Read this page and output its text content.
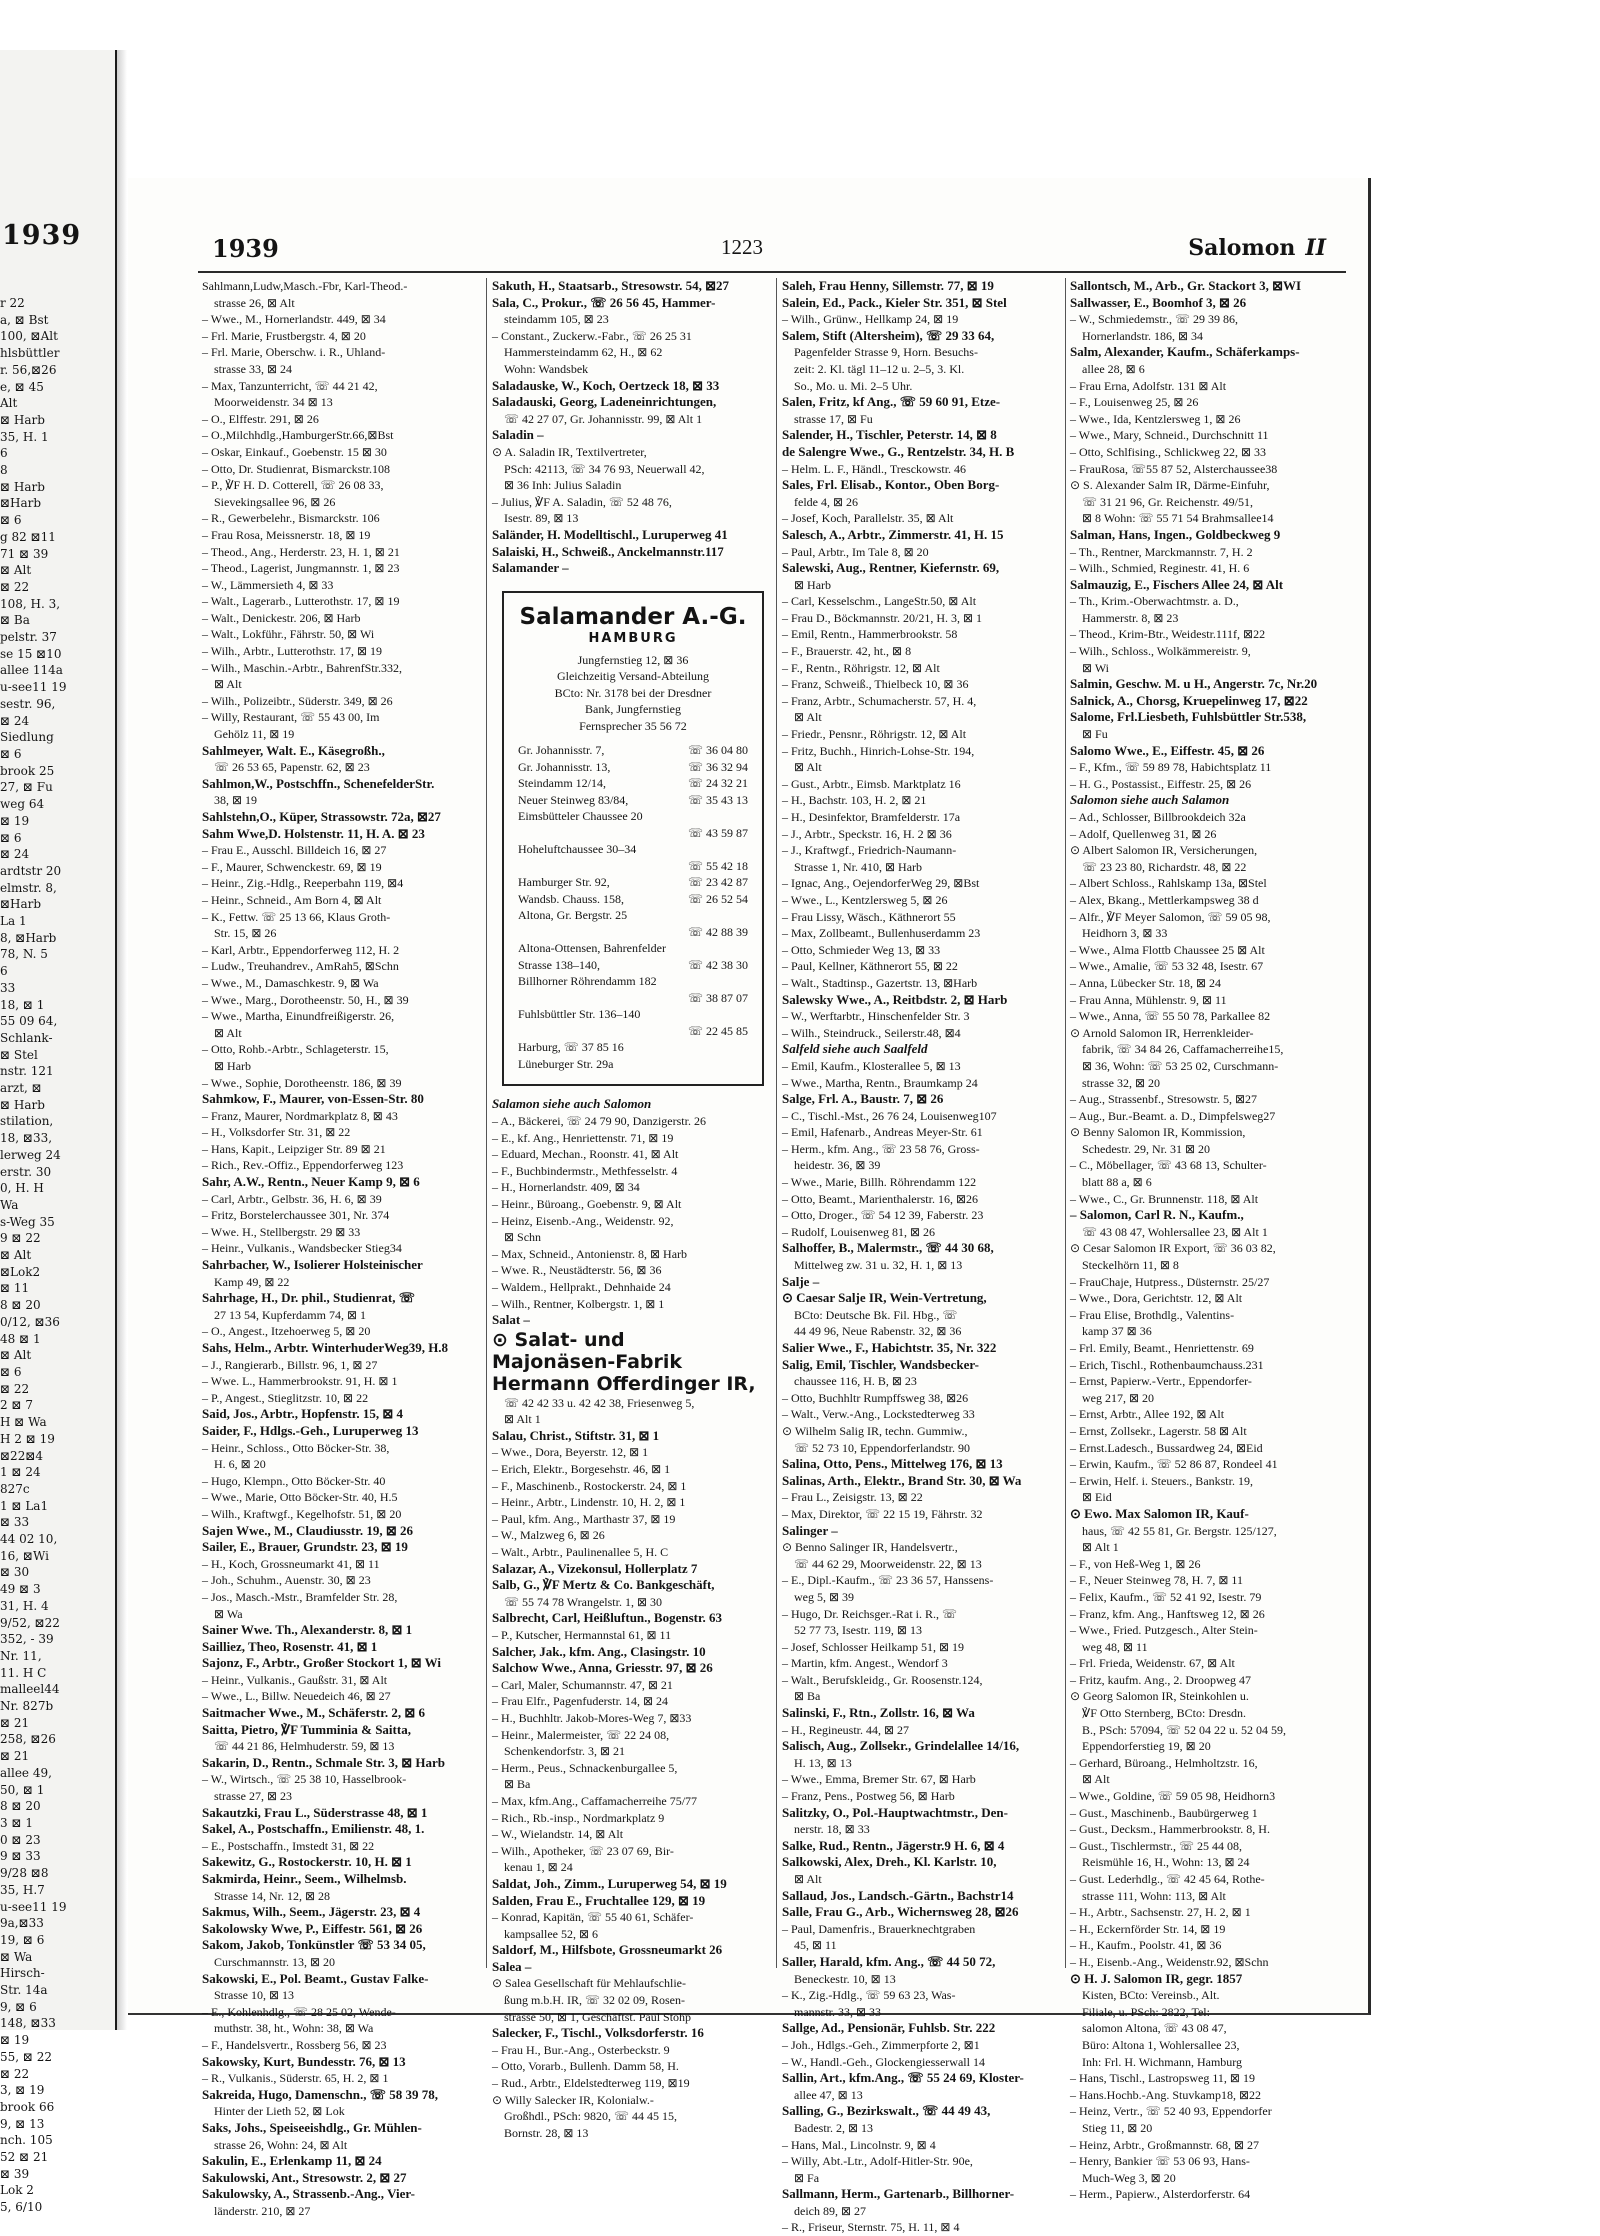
1939
r 22
a, ⊠ Bst
100, ⊠Alt
hlsbüttler
r. 56,⊠26
e, ⊠ 45
Alt
⊠ Harb
35, H. 1
6
8
⊠ Harb
⊠Harb
⊠ 6
g 82 ⊠11
71 ⊠ 39
⊠ Alt
⊠ 22
108, H. 3,
⊠ Ba
pelstr. 37
se 15 ⊠10
allee 114a
u-see11 19
sestr. 96,
⊠ 24
Siedlung
⊠ 6
brook 25
27, ⊠ Fu
weg 64
⊠ 19
⊠ 6
⊠ 24
ardtstr 20
elmstr. 8,
⊠Harb
La 1
8, ⊠Harb
78, N. 5
6
33
18, ⊠ 1
55 09 64,
Schlank-
⊠ Stel
nstr. 121
arzt, ⊠
⊠ Harb
stilation,
18, ⊠33,
lerweg 24
erstr. 30
0, H. H
Wa
s-Weg 35
9 ⊠ 22
⊠ Alt
⊠Lok2
⊠ 11
8 ⊠ 20
0/12, ⊠36
48 ⊠ 1
⊠ Alt
⊠ 6
⊠ 22
2 ⊠ 7
H ⊠ Wa
H 2 ⊠ 19
⊠22⊠4
1 ⊠ 24
827c
1 ⊠ La1
⊠ 33
44 02 10,
16, ⊠Wi
⊠ 30
49 ⊠ 3
31, H. 4
9/52, ⊠22
352, - 39
Nr. 11,
11. H C
malleel44
Nr. 827b
⊠ 21
258, ⊠26
⊠ 21
allee 49,
50, ⊠ 1
8 ⊠ 20
3 ⊠ 1
0 ⊠ 23
9 ⊠ 33
9/28 ⊠8
35, H.7
u-see11 19
9a,⊠33
19, ⊠ 6
⊠ Wa
Hirsch-
Str. 14a
9, ⊠ 6
148, ⊠33
⊠ 19
55, ⊠ 22
⊠ 22
3, ⊠ 19
brook 66
9, ⊠ 13
nch. 105
52 ⊠ 21
⊠ 39
Lok 2
5, 6/10
1939	1223	Salomon II
Sahlmann,Ludw,Masch.-Fbr, Karl-Theod.-
strasse 26, ⊠ Alt
– Wwe., M., Hornerlandstr. 449, ⊠ 34
– Frl. Marie, Frustbergstr. 4, ⊠ 20
– Frl. Marie, Oberschw. i. R., Uhland-
strasse 33, ⊠ 24
– Max, Tanzunterricht, ☏ 44 21 42,
Moorweidenstr. 34 ⊠ 13
– O., Elffestr. 291, ⊠ 26
– O.,Milchhdlg.,HamburgerStr.66,⊠Bst
– Oskar, Einkauf., Goebenstr. 15 ⊠ 30
– Otto, Dr. Studienrat, Bismarckstr.108
– P., ℣F H. D. Cotterell, ☏ 26 08 33,
Sievekingsallee 96, ⊠ 26
– R., Gewerbelehr., Bismarckstr. 106
– Frau Rosa, Meissnerstr. 18, ⊠ 19
– Theod., Ang., Herderstr. 23, H. 1, ⊠ 21
– Theod., Lagerist, Jungmannstr. 1, ⊠ 23
– W., Lämmersieth 4, ⊠ 33
– Walt., Lagerarb., Lutterothstr. 17, ⊠ 19
– Walt., Denickestr. 206, ⊠ Harb
– Walt., Lokführ., Fährstr. 50, ⊠ Wi
– Wilh., Arbtr., Lutterothstr. 17, ⊠ 19
– Wilh., Maschin.-Arbtr., BahrenfStr.332,
⊠ Alt
– Wilh., Polizeibtr., Süderstr. 349, ⊠ 26
– Willy, Restaurant, ☏ 55 43 00, Im
Gehölz 11, ⊠ 19
Sahlmeyer, Walt. E., Käsegroßh.,
☏ 26 53 65, Papenstr. 62, ⊠ 23
Sahlmon,W., Postschffn., SchenefelderStr.
38, ⊠ 19
Sahlstehn,O., Küper, Strassowstr. 72a, ⊠27
Sahm Wwe,D. Holstenstr. 11, H. A. ⊠ 23
– Frau E., Ausschl. Billdeich 16, ⊠ 27
– F., Maurer, Schwenckestr. 69, ⊠ 19
– Heinr., Zig.-Hdlg., Reeperbahn 119, ⊠4
– Heinr., Schneid., Am Born 4, ⊠ Alt
– K., Fettw. ☏ 25 13 66, Klaus Groth-
Str. 15, ⊠ 26
– Karl, Arbtr., Eppendorferweg 112, H. 2
– Ludw., Treuhandrev., AmRah5, ⊠Schn
– Wwe., M., Damaschkestr. 9, ⊠ Wa
– Wwe., Marg., Dorotheenstr. 50, H., ⊠ 39
– Wwe., Martha, Einundfreißigerstr. 26,
⊠ Alt
– Otto, Rohb.-Arbtr., Schlageterstr. 15,
⊠ Harb
– Wwe., Sophie, Dorotheenstr. 186, ⊠ 39
Sahmkow, F., Maurer, von-Essen-Str. 80
– Franz, Maurer, Nordmarkplatz 8, ⊠ 43
– H., Volksdorfer Str. 31, ⊠ 22
– Hans, Kapit., Leipziger Str. 89 ⊠ 21
– Rich., Rev.-Offiz., Eppendorferweg 123
Sahr, A.W., Rentn., Neuer Kamp 9, ⊠ 6
– Carl, Arbtr., Gelbstr. 36, H. 6, ⊠ 39
– Fritz, Borstelerchaussee 301, Nr. 374
– Wwe. H., Stellbergstr. 29 ⊠ 33
– Heinr., Vulkanis., Wandsbecker Stieg34
Sahrbacher, W., Isolierer Holsteinischer
Kamp 49, ⊠ 22
Sahrhage, H., Dr. phil., Studienrat, ☏
27 13 54, Kupferdamm 74, ⊠ 1
– O., Angest., Itzehoerweg 5, ⊠ 20
Sahs, Helm., Arbtr. WinterhuderWeg39, H.8
– J., Rangierarb., Billstr. 96, 1, ⊠ 27
– Wwe. L., Hammerbrookstr. 91, H. ⊠ 1
– P., Angest., Stieglitzstr. 10, ⊠ 22
Said, Jos., Arbtr., Hopfenstr. 15, ⊠ 4
Saider, F., Hdlgs.-Geh., Luruperweg 13
– Heinr., Schloss., Otto Böcker-Str. 38,
H. 6, ⊠ 20
– Hugo, Klempn., Otto Böcker-Str. 40
– Wwe., Marie, Otto Böcker-Str. 40, H.5
– Wilh., Kraftwgf., Kegelhofstr. 51, ⊠ 20
Sajen Wwe., M., Claudiusstr. 19, ⊠ 26
Sailer, E., Brauer, Grundstr. 23, ⊠ 19
– H., Koch, Grossneumarkt 41, ⊠ 11
– Joh., Schuhm., Auenstr. 30, ⊠ 23
– Jos., Masch.-Mstr., Bramfelder Str. 28,
⊠ Wa
Sainer Wwe. Th., Alexanderstr. 8, ⊠ 1
Sailliez, Theo, Rosenstr. 41, ⊠ 1
Sajonz, F., Arbtr., Großer Stockort 1, ⊠ Wi
– Heinr., Vulkanis., Gaußstr. 31, ⊠ Alt
– Wwe., L., Billw. Neuedeich 46, ⊠ 27
Saitmacher Wwe., M., Schäferstr. 2, ⊠ 6
Saitta, Pietro, ℣F Tumminia & Saitta,
☏ 44 21 86, Helmhuderstr. 59, ⊠ 13
Sakarin, D., Rentn., Schmale Str. 3, ⊠ Harb
– W., Wirtsch., ☏ 25 38 10, Hasselbrook-
strasse 27, ⊠ 23
Sakautzki, Frau L., Süderstrasse 48, ⊠ 1
Sakel, A., Postschaffn., Emilienstr. 48, 1.
– E., Postschaffn., Imstedt 31, ⊠ 22
Sakewitz, G., Rostockerstr. 10, H. ⊠ 1
Sakmirda, Heinr., Seem., Wilhelmsb.
Strasse 14, Nr. 12, ⊠ 28
Sakmus, Wilh., Seem., Jägerstr. 23, ⊠ 4
Sakolowsky Wwe, P., Eiffestr. 561, ⊠ 26
Sakom, Jakob, Tonkünstler ☏ 53 34 05,
Curschmannstr. 13, ⊠ 20
Sakowski, E., Pol. Beamt., Gustav Falke-
Strasse 10, ⊠ 13
– E., Kohlenhdlg., ☏ 28 25 02, Wende-
muthstr. 38, ht., Wohn: 38, ⊠ Wa
– F., Handelsvertr., Rossberg 56, ⊠ 23
Sakowsky, Kurt, Bundesstr. 76, ⊠ 13
– R., Vulkanis., Süderstr. 65, H. 2, ⊠ 1
Sakreida, Hugo, Damenschn., ☏ 58 39 78,
Hinter der Lieth 52, ⊠ Lok
Saks, Johs., Speiseeishdlg., Gr. Mühlen-
strasse 26, Wohn: 24, ⊠ Alt
Sakulin, E., Erlenkamp 11, ⊠ 24
Sakulowski, Ant., Stresowstr. 2, ⊠ 27
Sakulowsky, A., Strassenb.-Ang., Vier-
länderstr. 210, ⊠ 27
Sakuth, H., Staatsarb., Stresowstr. 54, ⊠27
Sala, C., Prokur., ☏ 26 56 45, Hammer-
steindamm 105, ⊠ 23
– Constant., Zuckerw.-Fabr., ☏ 26 25 31
Hammersteindamm 62, H., ⊠ 62
Wohn: Wandsbek
Saladauske, W., Koch, Oertzeck 18, ⊠ 33
Saladauski, Georg, Ladeneinrichtungen,
☏ 42 27 07, Gr. Johannisstr. 99, ⊠ Alt 1
Saladin –
⊙ A. Saladin IR, Textilvertreter,
PSch: 42113, ☏ 34 76 93, Neuerwall 42,
⊠ 36 Inh: Julius Saladin
– Julius, ℣F A. Saladin, ☏ 52 48 76,
Isestr. 89, ⊠ 13
Saländer, H. Modelltischl., Luruperweg 41
Salaiski, H., Schweiß., Anckelmannstr.117
Salamander –
Salamander A.-G.
HAMBURG
Jungfernstieg 12, ⊠ 36
Gleichzeitig Versand-Abteilung
BCto: Nr. 3178 bei der Dresdner
Bank, Jungfernstieg
Fernsprecher 35 56 72
Gr. Johannisstr. 7,	☏ 36 04 80
Gr. Johannisstr. 13,	☏ 36 32 94
Steindamm 12/14,	☏ 24 32 21
Neuer Steinweg 83/84,	☏ 35 43 13
Eimsbütteler Chaussee 20
☏ 43 59 87
Hoheluftchaussee 30–34
☏ 55 42 18
Hamburger Str. 92,	☏ 23 42 87
Wandsb. Chauss. 158,	☏ 26 52 54
Altona, Gr. Bergstr. 25
☏ 42 88 39
Altona-Ottensen, Bahrenfelder
Strasse 138–140,	☏ 42 38 30
Billhorner Röhrendamm 182
☏ 38 87 07
Fuhlsbüttler Str. 136–140
☏ 22 45 85
Harburg, ☏ 37 85 16
Lüneburger Str. 29a
Salamon siehe auch Salomon
– A., Bäckerei, ☏ 24 79 90, Danzigerstr. 26
– E., kf. Ang., Henriettenstr. 71, ⊠ 19
– Eduard, Mechan., Roonstr. 41, ⊠ Alt
– F., Buchbindermstr., Methfesselstr. 4
– H., Hornerlandstr. 409, ⊠ 34
– Heinr., Büroang., Goebenstr. 9, ⊠ Alt
– Heinz, Eisenb.-Ang., Weidenstr. 92,
⊠ Schn
– Max, Schneid., Antonienstr. 8, ⊠ Harb
– Wwe. R., Neustädterstr. 56, ⊠ 36
– Waldem., Hellprakt., Dehnhaide 24
– Wilh., Rentner, Kolbergstr. 1, ⊠ 1
Salat –
⊙ Salat- und
Majonäsen-Fabrik
Hermann Offerdinger IR,
☏ 42 42 33 u. 42 42 38, Friesenweg 5,
⊠ Alt 1
Salau, Christ., Stiftstr. 31, ⊠ 1
– Wwe., Dora, Beyerstr. 12, ⊠ 1
– Erich, Elektr., Borgesehstr. 46, ⊠ 1
– F., Maschinenb., Rostockerstr. 24, ⊠ 1
– Heinr., Arbtr., Lindenstr. 10, H. 2, ⊠ 1
– Paul, kfm. Ang., Marthastr 37, ⊠ 19
– W., Malzweg 6, ⊠ 26
– Walt., Arbtr., Paulinenallee 5, H. C
Salazar, A., Vizekonsul, Hollerplatz 7
Salb, G., ℣F Mertz & Co. Bankgeschäft,
☏ 55 74 78 Wrangelstr. 1, ⊠ 30
Salbrecht, Carl, Heißluftun., Bogenstr. 63
– P., Kutscher, Hermannstal 61, ⊠ 11
Salcher, Jak., kfm. Ang., Clasingstr. 10
Salchow Wwe., Anna, Griesstr. 97, ⊠ 26
– Carl, Maler, Schumannstr. 47, ⊠ 21
– Frau Elfr., Pagenfuderstr. 14, ⊠ 24
– H., Buchhltr. Jakob-Mores-Weg 7, ⊠33
– Heinr., Malermeister, ☏ 22 24 08,
Schenkendorfstr. 3, ⊠ 21
– Herm., Peus., Schnackenburgallee 5,
⊠ Ba
– Max, kfm.Ang., Caffamacherreihe 75/77
– Rich., Rb.-insp., Nordmarkplatz 9
– W., Wielandstr. 14, ⊠ Alt
– Wilh., Apotheker, ☏ 23 07 69, Bir-
kenau 1, ⊠ 24
Saldat, Joh., Zimm., Luruperweg 54, ⊠ 19
Salden, Frau E., Fruchtallee 129, ⊠ 19
– Konrad, Kapitän, ☏ 55 40 61, Schäfer-
kampsallee 52, ⊠ 6
Saldorf, M., Hilfsbote, Grossneumarkt 26
Salea –
⊙ Salea Gesellschaft für Mehlaufschlie-
ßung m.b.H. IR, ☏ 32 02 09, Rosen-
strasse 50, ⊠ 1, Geschäftst. Paul Stohp
Salecker, F., Tischl., Volksdorferstr. 16
– Frau H., Bur.-Ang., Osterbeckstr. 9
– Otto, Vorarb., Bullenh. Damm 58, H.
– Rud., Arbtr., Eldelstedterweg 119, ⊠19
⊙ Willy Salecker IR, Kolonialw.-
Großhdl., PSch: 9820, ☏ 44 45 15,
Bornstr. 28, ⊠ 13
Saleh, Frau Henny, Sillemstr. 77, ⊠ 19
Salein, Ed., Pack., Kieler Str. 351, ⊠ Stel
– Wilh., Grünw., Hellkamp 24, ⊠ 19
Salem, Stift (Altersheim), ☏ 29 33 64,
Pagenfelder Strasse 9, Horn. Besuchs-
zeit: 2. Kl. tägl 11–12 u. 2–5, 3. Kl.
So., Mo. u. Mi. 2–5 Uhr.
Salen, Fritz, kf Ang., ☏ 59 60 91, Etze-
strasse 17, ⊠ Fu
Salender, H., Tischler, Peterstr. 14, ⊠ 8
de Salengre Wwe., G., Rentzelstr. 34, H. B
– Helm. L. F., Händl., Tresckowstr. 46
Sales, Frl. Elisab., Kontor., Oben Borg-
felde 4, ⊠ 26
– Josef, Koch, Parallelstr. 35, ⊠ Alt
Salesch, A., Arbtr., Zimmerstr. 41, H. 15
– Paul, Arbtr., Im Tale 8, ⊠ 20
Salewski, Aug., Rentner, Kiefernstr. 69,
⊠ Harb
– Carl, Kesselschm., LangeStr.50, ⊠ Alt
– Frau D., Böckmannstr. 20/21, H. 3, ⊠ 1
– Emil, Rentn., Hammerbrookstr. 58
– F., Brauerstr. 42, ht., ⊠ 8
– F., Rentn., Röhrigstr. 12, ⊠ Alt
– Franz, Schweiß., Thielbeck 10, ⊠ 36
– Franz, Arbtr., Schumacherstr. 57, H. 4,
⊠ Alt
– Friedr., Pensnr., Röhrigstr. 12, ⊠ Alt
– Fritz, Buchh., Hinrich-Lohse-Str. 194,
⊠ Alt
– Gust., Arbtr., Eimsb. Marktplatz 16
– H., Bachstr. 103, H. 2, ⊠ 21
– H., Desinfektor, Bramfelderstr. 17a
– J., Arbtr., Speckstr. 16, H. 2 ⊠ 36
– J., Kraftwgf., Friedrich-Naumann-
Strasse 1, Nr. 410, ⊠ Harb
– Ignac, Ang., OejendorferWeg 29, ⊠Bst
– Wwe., L., Kentzlersweg 5, ⊠ 26
– Frau Lissy, Wäsch., Käthnerort 55
– Max, Zollbeamt., Bullenhuserdamm 23
– Otto, Schmieder Weg 13, ⊠ 33
– Paul, Kellner, Käthnerort 55, ⊠ 22
– Walt., Stadtinsp., Gazertstr. 13, ⊠Harb
Salewsky Wwe., A., Reitbdstr. 2, ⊠ Harb
– W., Werftarbtr., Hinschenfelder Str. 3
– Wilh., Steindruck., Seilerstr.48, ⊠4
Salfeld siehe auch Saalfeld
– Emil, Kaufm., Klosterallee 5, ⊠ 13
– Wwe., Martha, Rentn., Braumkamp 24
Salge, Frl. A., Baustr. 7, ⊠ 26
– C., Tischl.-Mst., 26 76 24, Louisenweg107
– Emil, Hafenarb., Andreas Meyer-Str. 61
– Herm., kfm. Ang., ☏ 23 58 76, Gross-
heidestr. 36, ⊠ 39
– Wwe., Marie, Billh. Röhrendamm 122
– Otto, Beamt., Marienthalerstr. 16, ⊠26
– Otto, Droger., ☏ 54 12 39, Faberstr. 23
– Rudolf, Louisenweg 81, ⊠ 26
Salhoffer, B., Malermstr., ☏ 44 30 68,
Mittelweg zw. 31 u. 32, H. 1, ⊠ 13
Salje –
⊙ Caesar Salje IR, Wein-Vertretung,
BCto: Deutsche Bk. Fil. Hbg., ☏
44 49 96, Neue Rabenstr. 32, ⊠ 36
Salier Wwe., F., Habichtstr. 35, Nr. 322
Salig, Emil, Tischler, Wandsbecker-
chaussee 116, H. B, ⊠ 23
– Otto, Buchhltr Rumpffsweg 38, ⊠26
– Walt., Verw.-Ang., Lockstedterweg 33
⊙ Wilhelm Salig IR, techn. Gummiw.,
☏ 52 73 10, Eppendorferlandstr. 90
Salina, Otto, Pens., Mittelweg 176, ⊠ 13
Salinas, Arth., Elektr., Brand Str. 30, ⊠ Wa
– Frau L., Zeisigstr. 13, ⊠ 22
– Max, Direktor, ☏ 22 15 19, Fährstr. 32
Salinger –
⊙ Benno Salinger IR, Handelsvertr.,
☏ 44 62 29, Moorweidenstr. 22, ⊠ 13
– E., Dipl.-Kaufm., ☏ 23 36 57, Hanssens-
weg 5, ⊠ 39
– Hugo, Dr. Reichsger.-Rat i. R., ☏
52 77 73, Isestr. 119, ⊠ 13
– Josef, Schlosser Heilkamp 51, ⊠ 19
– Martin, kfm. Angest., Wendorf 3
– Walt., Berufskleidg., Gr. Roosenstr.124,
⊠ Ba
Salinski, F., Rtn., Zollstr. 16, ⊠ Wa
– H., Regineustr. 44, ⊠ 27
Salisch, Aug., Zollsekr., Grindelallee 14/16,
H. 13, ⊠ 13
– Wwe., Emma, Bremer Str. 67, ⊠ Harb
– Franz, Pens., Postweg 56, ⊠ Harb
Salitzky, O., Pol.-Hauptwachtmstr., Den-
nerstr. 18, ⊠ 33
Salke, Rud., Rentn., Jägerstr.9 H. 6, ⊠ 4
Salkowski, Alex, Dreh., Kl. Karlstr. 10,
⊠ Alt
Sallaud, Jos., Landsch.-Gärtn., Bachstr14
Salle, Frau G., Arb., Wichernsweg 28, ⊠26
– Paul, Damenfris., Brauerknechtgraben
45, ⊠ 11
Saller, Harald, kfm. Ang., ☏ 44 50 72,
Beneckestr. 10, ⊠ 13
– K., Zig.-Hdlg., ☏ 59 63 23, Was-
mannstr. 33, ⊠ 33
Sallge, Ad., Pensionär, Fuhlsb. Str. 222
– Joh., Hdlgs.-Geh., Zimmerpforte 2, ⊠1
– W., Handl.-Geh., Glockengiesserwall 14
Sallin, Art., kfm.Ang., ☏ 55 24 69, Kloster-
allee 47, ⊠ 13
Salling, G., Bezirkswalt., ☏ 44 49 43,
Badestr. 2, ⊠ 13
– Hans, Mal., Lincolnstr. 9, ⊠ 4
– Willy, Abt.-Ltr., Adolf-Hitler-Str. 90e,
⊠ Fa
Sallmann, Herm., Gartenarb., Billhorner-
deich 89, ⊠ 27
– R., Friseur, Sternstr. 75, H. 11, ⊠ 4
Sallontsch, M., Arb., Gr. Stackort 3, ⊠WI
Sallwasser, E., Boomhof 3, ⊠ 26
– W., Schmiedemstr., ☏ 29 39 86,
Hornerlandstr. 186, ⊠ 34
Salm, Alexander, Kaufm., Schäferkamps-
allee 28, ⊠ 6
– Frau Erna, Adolfstr. 131 ⊠ Alt
– F., Louisenweg 25, ⊠ 26
– Wwe., Ida, Kentzlersweg 1, ⊠ 26
– Wwe., Mary, Schneid., Durchschnitt 11
– Otto, Schlfising., Schlickweg 22, ⊠ 33
– FrauRosa, ☏55 87 52, Alsterchaussee38
⊙ S. Alexander Salm IR, Därme-Einfuhr,
☏ 31 21 96, Gr. Reichenstr. 49/51,
⊠ 8 Wohn: ☏ 55 71 54 Brahmsallee14
Salman, Hans, Ingen., Goldbeckweg 9
– Th., Rentner, Marckmannstr. 7, H. 2
– Wilh., Schmied, Reginestr. 41, H. 6
Salmauzig, E., Fischers Allee 24, ⊠ Alt
– Th., Krim.-Oberwachtmstr. a. D.,
Hammerstr. 8, ⊠ 23
– Theod., Krim-Btr., Weidestr.111f, ⊠22
– Wilh., Schloss., Wolkämmereistr. 9,
⊠ Wi
Salmin, Geschw. M. u H., Angerstr. 7c, Nr.20
Salnick, A., Chorsg, Kruepelinweg 17, ⊠22
Salome, Frl.Liesbeth, Fuhlsbüttler Str.538,
⊠ Fu
Salomo Wwe., E., Eiffestr. 45, ⊠ 26
– F., Kfm., ☏ 59 89 78, Habichtsplatz 11
– H. G., Postassist., Eiffestr. 25, ⊠ 26
Salomon siehe auch Salamon
– Ad., Schlosser, Billbrookdeich 32a
– Adolf, Quellenweg 31, ⊠ 26
⊙ Albert Salomon IR, Versicherungen,
☏ 23 23 80, Richardstr. 48, ⊠ 22
– Albert Schloss., Rahlskamp 13a, ⊠Stel
– Alex, Bkang., Mettlerkampsweg 38 d
– Alfr., ℣F Meyer Salomon, ☏ 59 05 98,
Heidhorn 3, ⊠ 33
– Wwe., Alma Flottb Chaussee 25 ⊠ Alt
– Wwe., Amalie, ☏ 53 32 48, Isestr. 67
– Anna, Lübecker Str. 18, ⊠ 24
– Frau Anna, Mühlenstr. 9, ⊠ 11
– Wwe., Anna, ☏ 55 50 78, Parkallee 82
⊙ Arnold Salomon IR, Herrenkleider-
fabrik, ☏ 34 84 26, Caffamacherreihe15,
⊠ 36, Wohn: ☏ 53 25 02, Curschmann-
strasse 32, ⊠ 20
– Aug., Strassenbf., Stresowstr. 5, ⊠27
– Aug., Bur.-Beamt. a. D., Dimpfelsweg27
⊙ Benny Salomon IR, Kommission,
Schedestr. 29, Nr. 31 ⊠ 20
– C., Möbellager, ☏ 43 68 13, Schulter-
blatt 88 a, ⊠ 6
– Wwe., C., Gr. Brunnenstr. 118, ⊠ Alt
– Salomon, Carl R. N., Kaufm.,
☏ 43 08 47, Wohlersallee 23, ⊠ Alt 1
⊙ Cesar Salomon IR Export, ☏ 36 03 82,
Steckelhörn 11, ⊠ 8
– FrauChaje, Hutpress., Düsternstr. 25/27
– Wwe., Dora, Gerichtstr. 12, ⊠ Alt
– Frau Elise, Brothdlg., Valentins-
kamp 37 ⊠ 36
– Frl. Emily, Beamt., Henriettenstr. 69
– Erich, Tischl., Rothenbaumchauss.231
– Ernst, Papierw.-Vertr., Eppendorfer-
weg 217, ⊠ 20
– Ernst, Arbtr., Allee 192, ⊠ Alt
– Ernst, Zollsekr., Lagerstr. 58 ⊠ Alt
– Ernst.Ladesch., Bussardweg 24, ⊠Eid
– Erwin, Kaufm., ☏ 52 86 87, Rondeel 41
– Erwin, Helf. i. Steuers., Bankstr. 19,
⊠ Eid
⊙ Ewo. Max Salomon IR, Kauf-
haus, ☏ 42 55 81, Gr. Bergstr. 125/127,
⊠ Alt 1
– F., von Heß-Weg 1, ⊠ 26
– F., Neuer Steinweg 78, H. 7, ⊠ 11
– Felix, Kaufm., ☏ 52 41 92, Isestr. 79
– Franz, kfm. Ang., Hanftsweg 12, ⊠ 26
– Wwe., Fried. Putzgesch., Alter Stein-
weg 48, ⊠ 11
– Frl. Frieda, Weidenstr. 67, ⊠ Alt
– Fritz, kaufm. Ang., 2. Droopweg 47
⊙ Georg Salomon IR, Steinkohlen u.
℣F Otto Sternberg, BCto: Dresdn.
B., PSch: 57094, ☏ 52 04 22 u. 52 04 59,
Eppendorferstieg 19, ⊠ 20
– Gerhard, Büroang., Helmholtzstr. 16,
⊠ Alt
– Wwe., Goldine, ☏ 59 05 98, Heidhorn3
– Gust., Maschinenb., Baubürgerweg 1
– Gust., Decksm., Hammerbrookstr. 8, H.
– Gust., Tischlermstr., ☏ 25 44 08,
Reismühle 16, H., Wohn: 13, ⊠ 24
– Gust. Lederhdlg., ☏ 42 45 64, Rothe-
strasse 111, Wohn: 113, ⊠ Alt
– H., Arbtr., Sachsenstr. 27, H. 2, ⊠ 1
– H., Eckernförder Str. 14, ⊠ 19
– H., Kaufm., Poolstr. 41, ⊠ 36
– H., Eisenb.-Ang., Weidenstr.92, ⊠Schn
⊙ H. J. Salomon IR, gegr. 1857
Kisten, BCto: Vereinsb., Alt.
Filiale, u. PSch: 2822, Tel:
salomon Altona, ☏ 43 08 47,
Büro: Altona 1, Wohlersallee 23,
Inh: Frl. H. Wichmann, Hamburg
– Hans, Tischl., Lastropsweg 11, ⊠ 19
– Hans.Hochb.-Ang. Stuvkamp18, ⊠22
– Heinz, Vertr., ☏ 52 40 93, Eppendorfer
Stieg 11, ⊠ 20
– Heinz, Arbtr., Großmannstr. 68, ⊠ 27
– Henry, Bankier ☏ 53 06 93, Hans-
Much-Weg 3, ⊠ 20
– Herm., Papierw., Alsterdorferstr. 64
